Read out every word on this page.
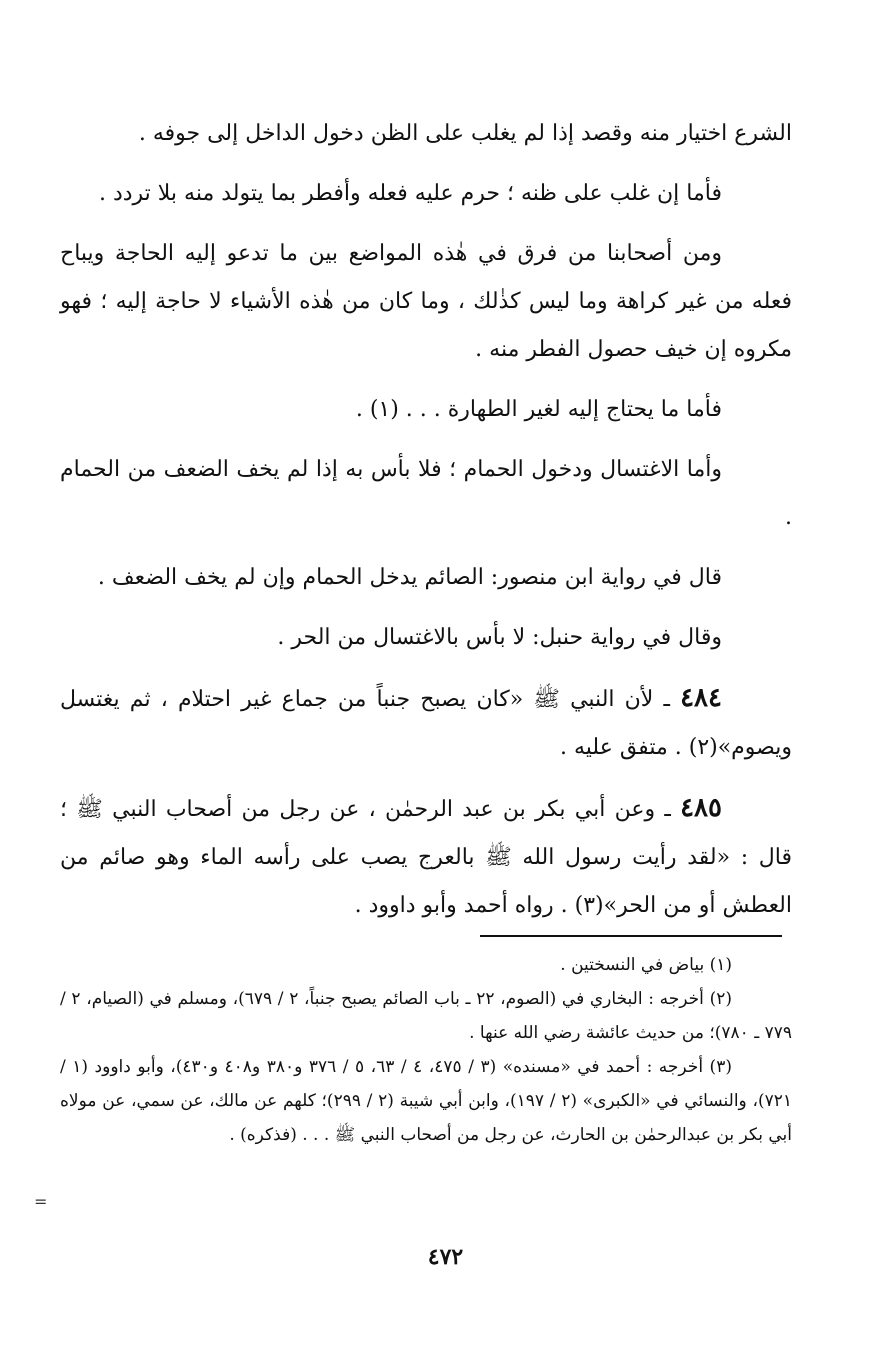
الشرع اختيار منه وقصد إذا لم يغلب على الظن دخول الداخل إلى جوفه .

فأما إن غلب على ظنه ؛ حرم عليه فعله وأفطر بما يتولد منه بلا تردد .

ومن أصحابنا من فرق في هٰذه المواضع بين ما تدعو إليه الحاجة ويباح فعله من غير كراهة وما ليس كذٰلك ، وما كان من هٰذه الأشياء لا حاجة إليه ؛ فهو مكروه إن خيف حصول الفطر منه .

فأما ما يحتاج إليه لغير الطهارة . . . (١) .

وأما الاغتسال ودخول الحمام ؛ فلا بأس به إذا لم يخف الضعف من الحمام .

قال في رواية ابن منصور: الصائم يدخل الحمام وإن لم يخف الضعف .

وقال في رواية حنبل: لا بأس بالاغتسال من الحر .

٤٨٤ ـ لأن النبي ﷺ «كان يصبح جنباً من جماع غير احتلام ، ثم يغتسل ويصوم»(٢) . متفق عليه .

٤٨٥ ـ وعن أبي بكر بن عبد الرحمٰن ، عن رجل من أصحاب النبي ﷺ ؛ قال : «لقد رأيت رسول الله ﷺ بالعرج يصب على رأسه الماء وهو صائم من العطش أو من الحر»(٣) . رواه أحمد وأبو داوود .

(١) بياض في النسختين .

(٢) أخرجه : البخاري في (الصوم، ٢٢ ـ باب الصائم يصبح جنباً، ٢ / ٦٧٩)، ومسلم في (الصيام، ٢ / ٧٧٩ ـ ٧٨٠)؛ من حديث عائشة رضي الله عنها .

(٣) أخرجه : أحمد في «مسنده» (٣ / ٤٧٥، ٤ / ٦٣، ٥ / ٣٧٦ و٣٨٠ و٤٠٨ و٤٣٠)، وأبو داوود (١ / ٧٢١)، والنسائي في «الكبرى» (٢ / ١٩٧)، وابن أبي شيبة (٢ / ٢٩٩)؛ كلهم عن مالك، عن سمي، عن مولاه أبي بكر بن عبدالرحمٰن بن الحارث، عن رجل من أصحاب النبي ﷺ . . . (فذكره) .

=
٤٧٢
